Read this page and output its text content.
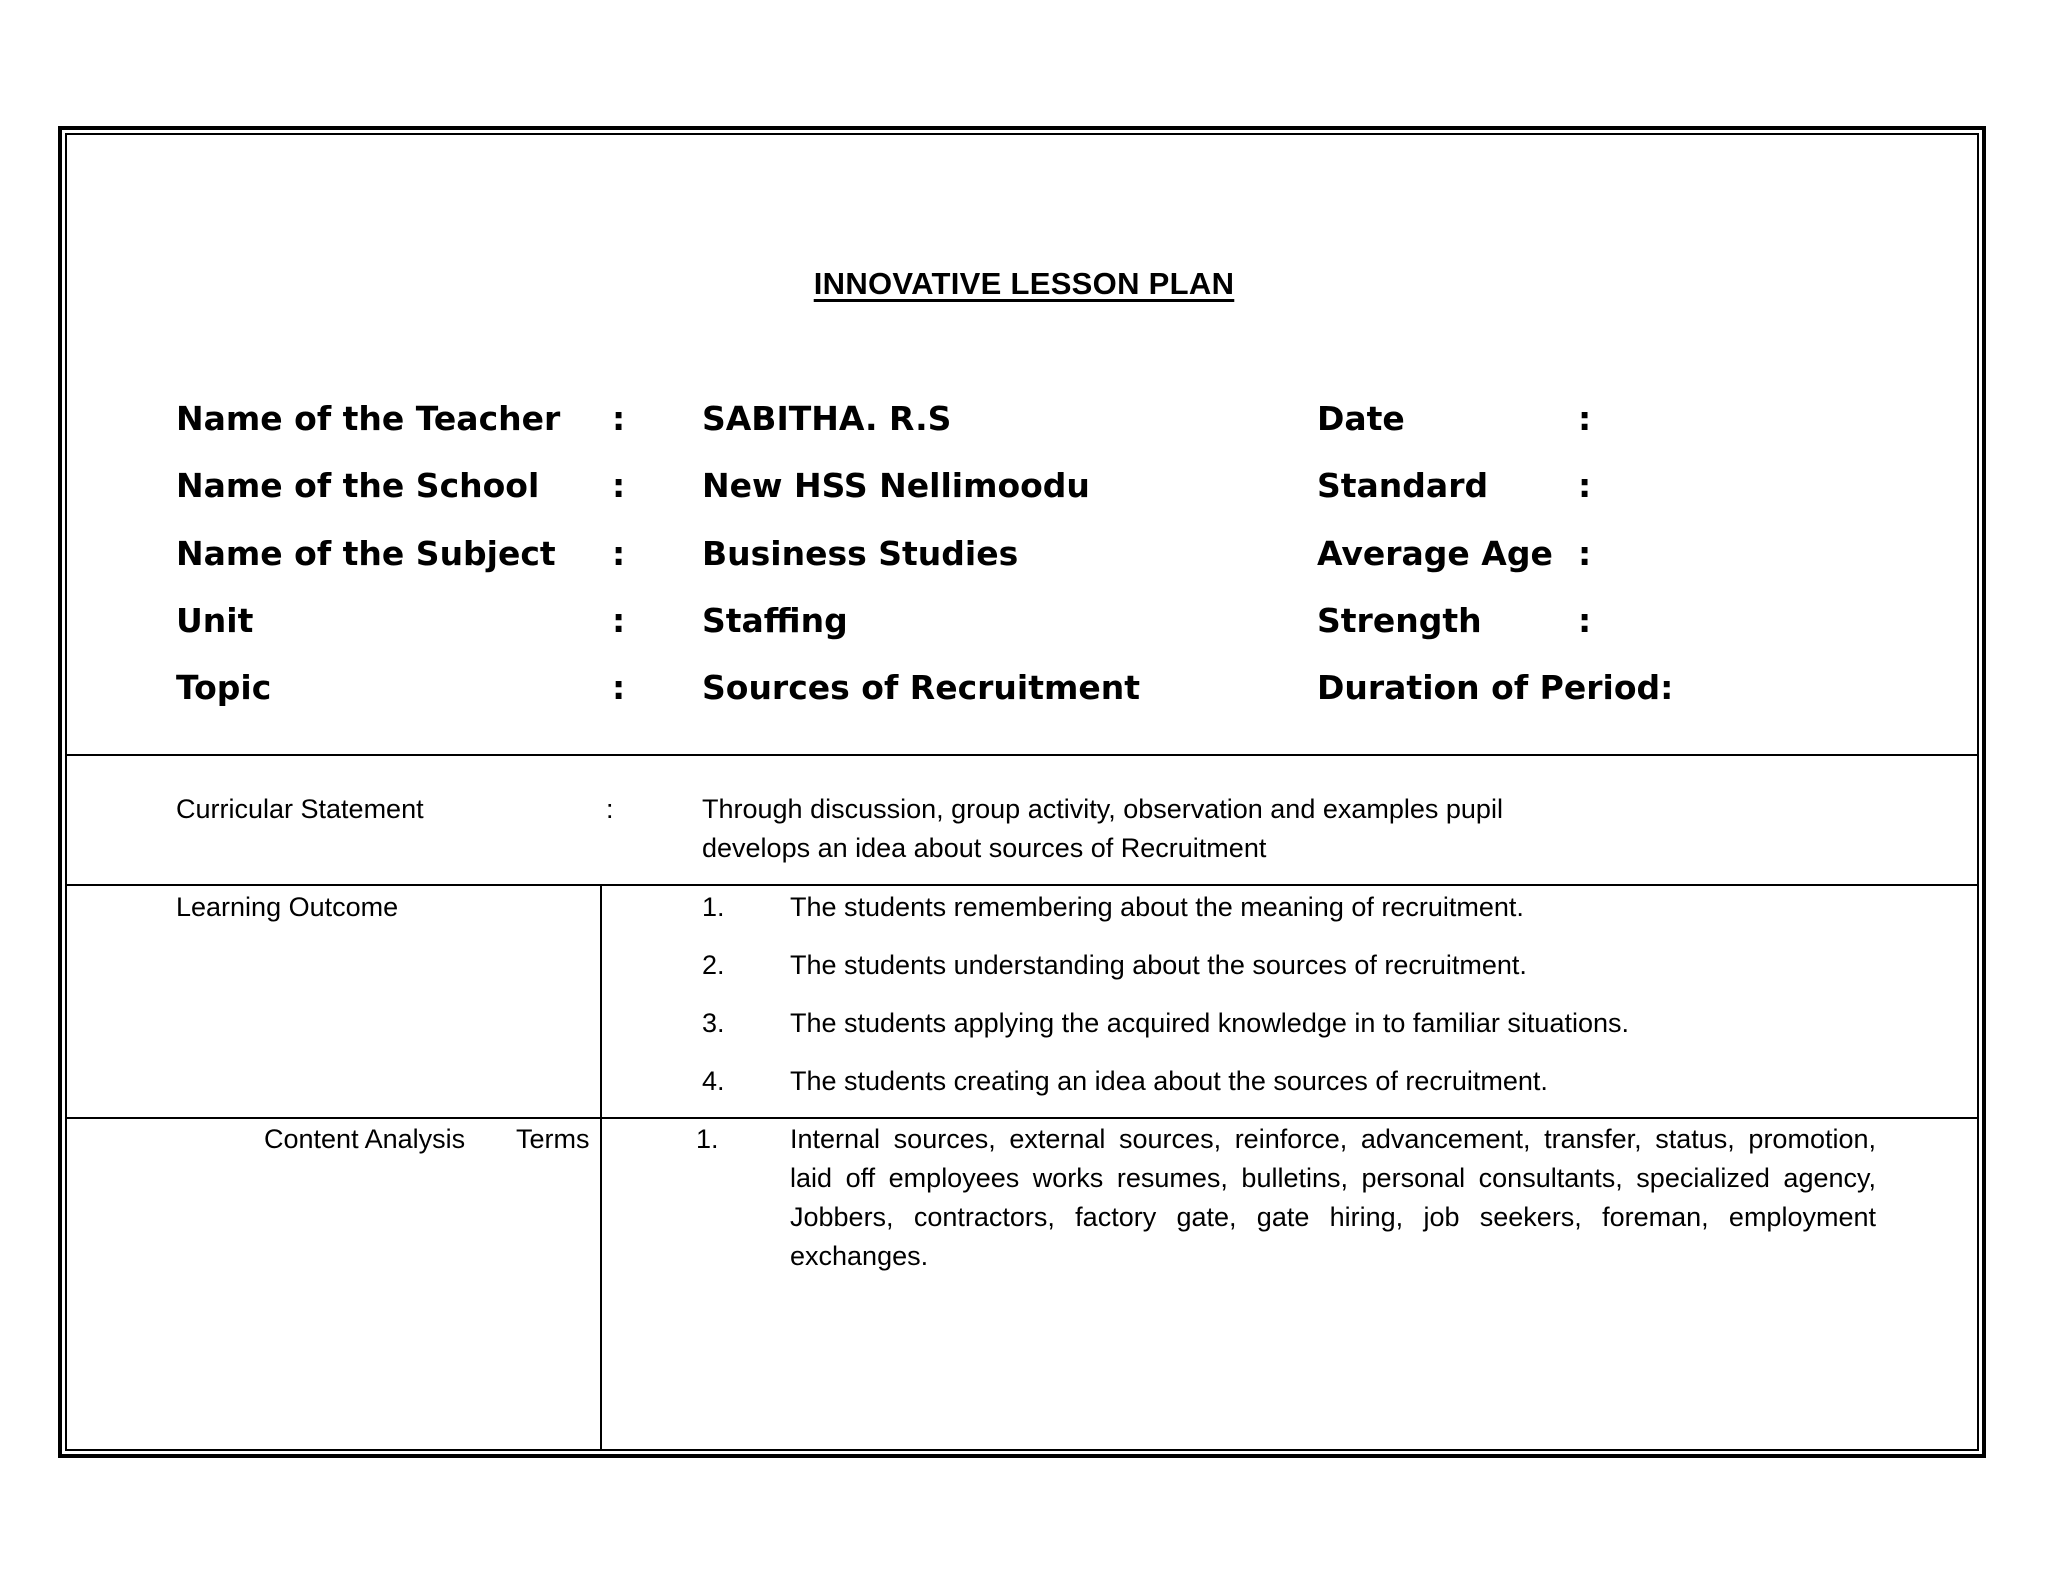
INNOVATIVE LESSON PLAN
Name of the Teacher : SABITHA. R.S	Date	:
Name of the School : New HSS Nellimoodu	Standard	:
Name of the Subject : Business Studies	Average Age :
Unit	: Staffing	Strength	:
Topic	: Sources of Recruitment	Duration of Period:
Curricular Statement	:	Through discussion, group activity, observation and examples pupil
develops an idea about sources of Recruitment
Learning Outcome	1. The students remembering about the meaning of recruitment.
2. The students understanding about the sources of recruitment.
3. The students applying the acquired knowledge in to familiar situations.
4. The students creating an idea about the sources of recruitment.
Content Analysis Terms	1.	Internal sources, external sources, reinforce, advancement, transfer, status, promotion, laid off employees works resumes, bulletins, personal consultants, specialized agency, Jobbers, contractors, factory gate, gate hiring, job seekers, foreman, employment exchanges.
